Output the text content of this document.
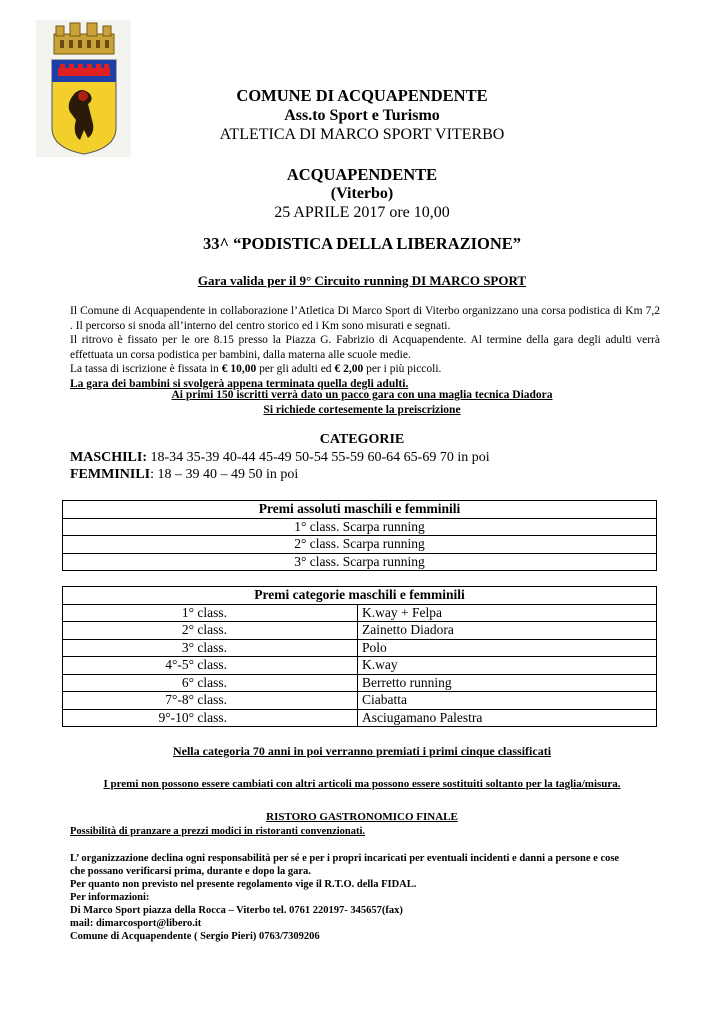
COMUNE DI ACQUAPENDENTE
Ass.to Sport e Turismo
ATLETICA DI MARCO SPORT VITERBO
ACQUAPENDENTE
(Viterbo)
25 APRILE 2017 ore 10,00
33^ “PODISTICA DELLA LIBERAZIONE”
Gara valida per il 9° Circuito running DI MARCO SPORT

Il Comune di Acquapendente in collaborazione l’Atletica Di Marco Sport di Viterbo organizzano una corsa podistica di Km 7,2 . Il percorso si snoda all’interno del centro storico ed i Km sono misurati e segnati.

Il ritrovo è fissato per le ore 8.15 presso la Piazza G. Fabrizio di Acquapendente. Al termine della gara degli adulti verrà effettuata un corsa podistica per bambini, dalla materna alle scuole medie.

La tassa di iscrizione è fissata in € 10,00 per gli adulti ed € 2,00 per i più piccoli.

La gara dei bambini si svolgerà appena terminata quella degli adulti.

Ai primi 150 iscritti verrà dato un pacco gara con una maglia tecnica Diadora
Si richiede cortesemente la preiscrizione
CATEGORIE
MASCHILI: 18-34 35-39 40-44 45-49 50-54 55-59 60-64 65-69 70 in poi
FEMMINILI: 18 – 39 40 – 49 50 in poi
Premi assoluti maschili e femminili
1° class. Scarpa running
2° class. Scarpa running
3° class. Scarpa running
Premi categorie maschili e femminili	
1° class.	K.way + Felpa
2° class.	Zainetto Diadora
3° class.	Polo
4°-5° class.	K.way
6° class.	Berretto running
7°-8° class.	Ciabatta
9°-10° class.	Asciugamano Palestra
Nella categoria 70 anni in poi verranno premiati i primi cinque classificati
I premi non possono essere cambiati con altri articoli ma possono essere sostituiti soltanto per la taglia/misura.
RISTORO GASTRONOMICO FINALE
Possibilità di pranzare a prezzi modici in ristoranti convenzionati.
L’ organizzazione declina ogni responsabilità per sé e per i propri incaricati per eventuali incidenti e danni a persone e cose
che possano verificarsi prima, durante e dopo la gara.
Per quanto non previsto nel presente regolamento vige il R.T.O. della FIDAL.
Per informazioni:
Di Marco Sport piazza della Rocca – Viterbo tel. 0761 220197- 345657(fax)
mail: dimarcosport@libero.it
Comune di Acquapendente ( Sergio Pieri) 0763/7309206
